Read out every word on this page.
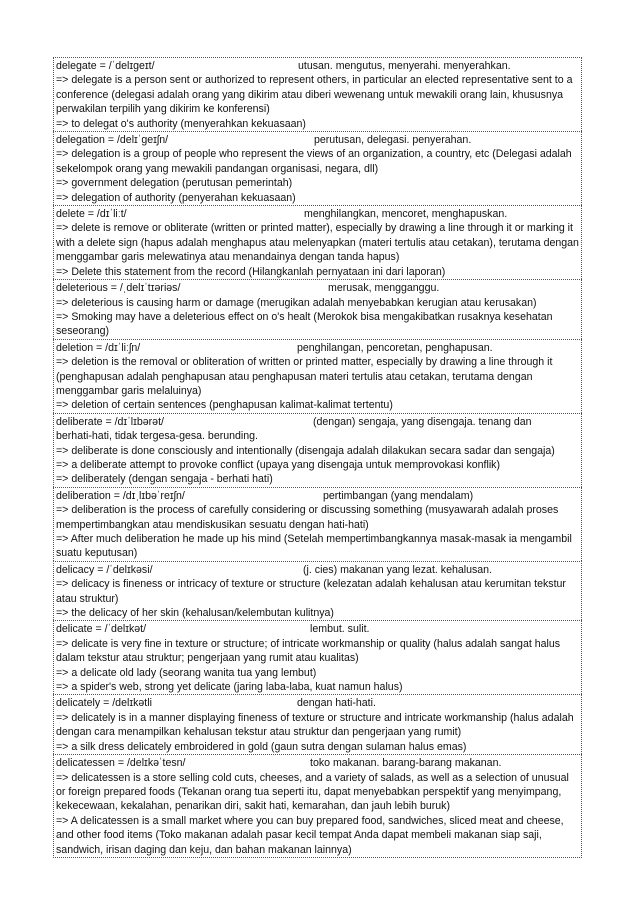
delegate = /ˈdelɪgeɪt/	utusan. mengutus, menyerahi. menyerahkan.
=> delegate is a person sent or authorized to represent others, in particular an elected representative sent to a conference (delegasi adalah orang yang dikirim atau diberi wewenang untuk mewakili orang lain, khususnya perwakilan terpilih yang dikirim ke konferensi)
=> to delegat o's authority (menyerahkan kekuasaan)
delegation = /delɪˈgeɪʃn/	perutusan, delegasi. penyerahan.
=> delegation is a group of people who represent the views of an organization, a country, etc (Delegasi adalah sekelompok orang yang mewakili pandangan organisasi, negara, dll)
=> government delegation (perutusan pemerintah)
=> delegation of authority (penyerahan kekuasaan)
delete = /dɪˈliːt/	menghilangkan, mencoret, menghapuskan.
=> delete is remove or obliterate (written or printed matter), especially by drawing a line through it or marking it with a delete sign (hapus adalah menghapus atau melenyapkan (materi tertulis atau cetakan), terutama dengan menggambar garis melewatinya atau menandainya dengan tanda hapus)
=> Delete this statement from the record (Hilangkanlah pernyataan ini dari laporan)
deleterious = /ˌdelɪˈtɪəriəs/	merusak, mengganggu.
=> deleterious is causing harm or damage (merugikan adalah menyebabkan kerugian atau kerusakan)
=> Smoking may have a deleterious effect on o's healt (Merokok bisa mengakibatkan rusaknya kesehatan seseorang)
deletion = /dɪˈliːʃn/	penghilangan, pencoretan, penghapusan.
=> deletion is the removal or obliteration of written or printed matter, especially by drawing a line through it (penghapusan adalah penghapusan atau penghapusan materi tertulis atau cetakan, terutama dengan menggambar garis melaluinya)
=> deletion of certain sentences (penghapusan kalimat-kalimat tertentu)
deliberate = /dɪˈlɪbərət/	(dengan) sengaja, yang disengaja. tenang dan
berhati-hati, tidak tergesa-gesa. berunding.
=> deliberate is done consciously and intentionally (disengaja adalah dilakukan secara sadar dan sengaja)
=> a deliberate attempt to provoke conflict (upaya yang disengaja untuk memprovokasi konflik)
=> deliberately (dengan sengaja - berhati hati)
deliberation = /dɪˌlɪbəˈreɪʃn/	pertimbangan (yang mendalam)
=> deliberation is the process of carefully considering or discussing something (musyawarah adalah proses mempertimbangkan atau mendiskusikan sesuatu dengan hati-hati)
=> After much deliberation he made up his mind (Setelah mempertimbangkannya masak-masak ia mengambil suatu keputusan)
delicacy = /ˈdelɪkəsi/	(j. cies) makanan yang lezat. kehalusan.
=> delicacy is fineness or intricacy of texture or structure (kelezatan adalah kehalusan atau kerumitan tekstur atau struktur)
=> the delicacy of her skin (kehalusan/kelembutan kulitnya)
delicate = /ˈdelɪkət/	lembut. sulit.
=> delicate is very fine in texture or structure; of intricate workmanship or quality (halus adalah sangat halus dalam tekstur atau struktur; pengerjaan yang rumit atau kualitas)
=> a delicate old lady (seorang wanita tua yang lembut)
=> a spider's web, strong yet delicate (jaring laba-laba, kuat namun halus)
delicately = /delɪkətli	dengan hati-hati.
=> delicately is in a manner displaying fineness of texture or structure and intricate workmanship (halus adalah dengan cara menampilkan kehalusan tekstur atau struktur dan pengerjaan yang rumit)
=> a silk dress delicately embroidered in gold (gaun sutra dengan sulaman halus emas)
delicatessen = /delɪkəˈtesn/	toko makanan. barang-barang makanan.
=> delicatessen is a store selling cold cuts, cheeses, and a variety of salads, as well as a selection of unusual or foreign prepared foods (Tekanan orang tua seperti itu, dapat menyebabkan perspektif yang menyimpang, kekecewaan, kekalahan, penarikan diri, sakit hati, kemarahan, dan jauh lebih buruk)
=> A delicatessen is a small market where you can buy prepared food, sandwiches, sliced meat and cheese, and other food items (Toko makanan adalah pasar kecil tempat Anda dapat membeli makanan siap saji, sandwich, irisan daging dan keju, dan bahan makanan lainnya)
